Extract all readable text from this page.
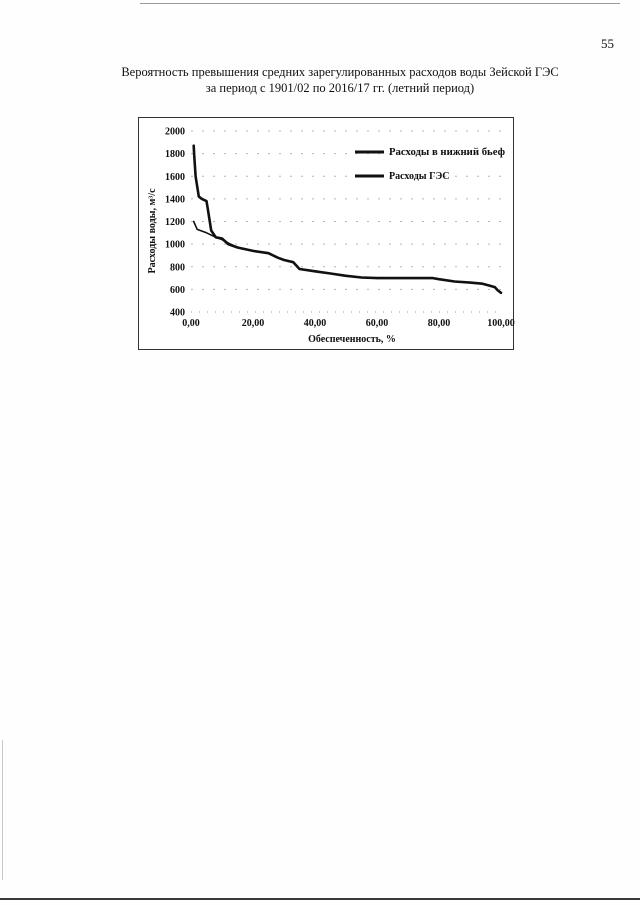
55
Вероятность превышения средних зарегулированных расходов воды Зейской ГЭС
за период с 1901/02 по 2016/17 гг. (летний период)
400
600
800
1000
1200
1400
1600
1800
2000
0,00	20,00	40,00	60,00	80,00	100,00
Расходы воды, м³/с
Обеспеченность, %
Расходы в нижний бьеф
Расходы ГЭС
